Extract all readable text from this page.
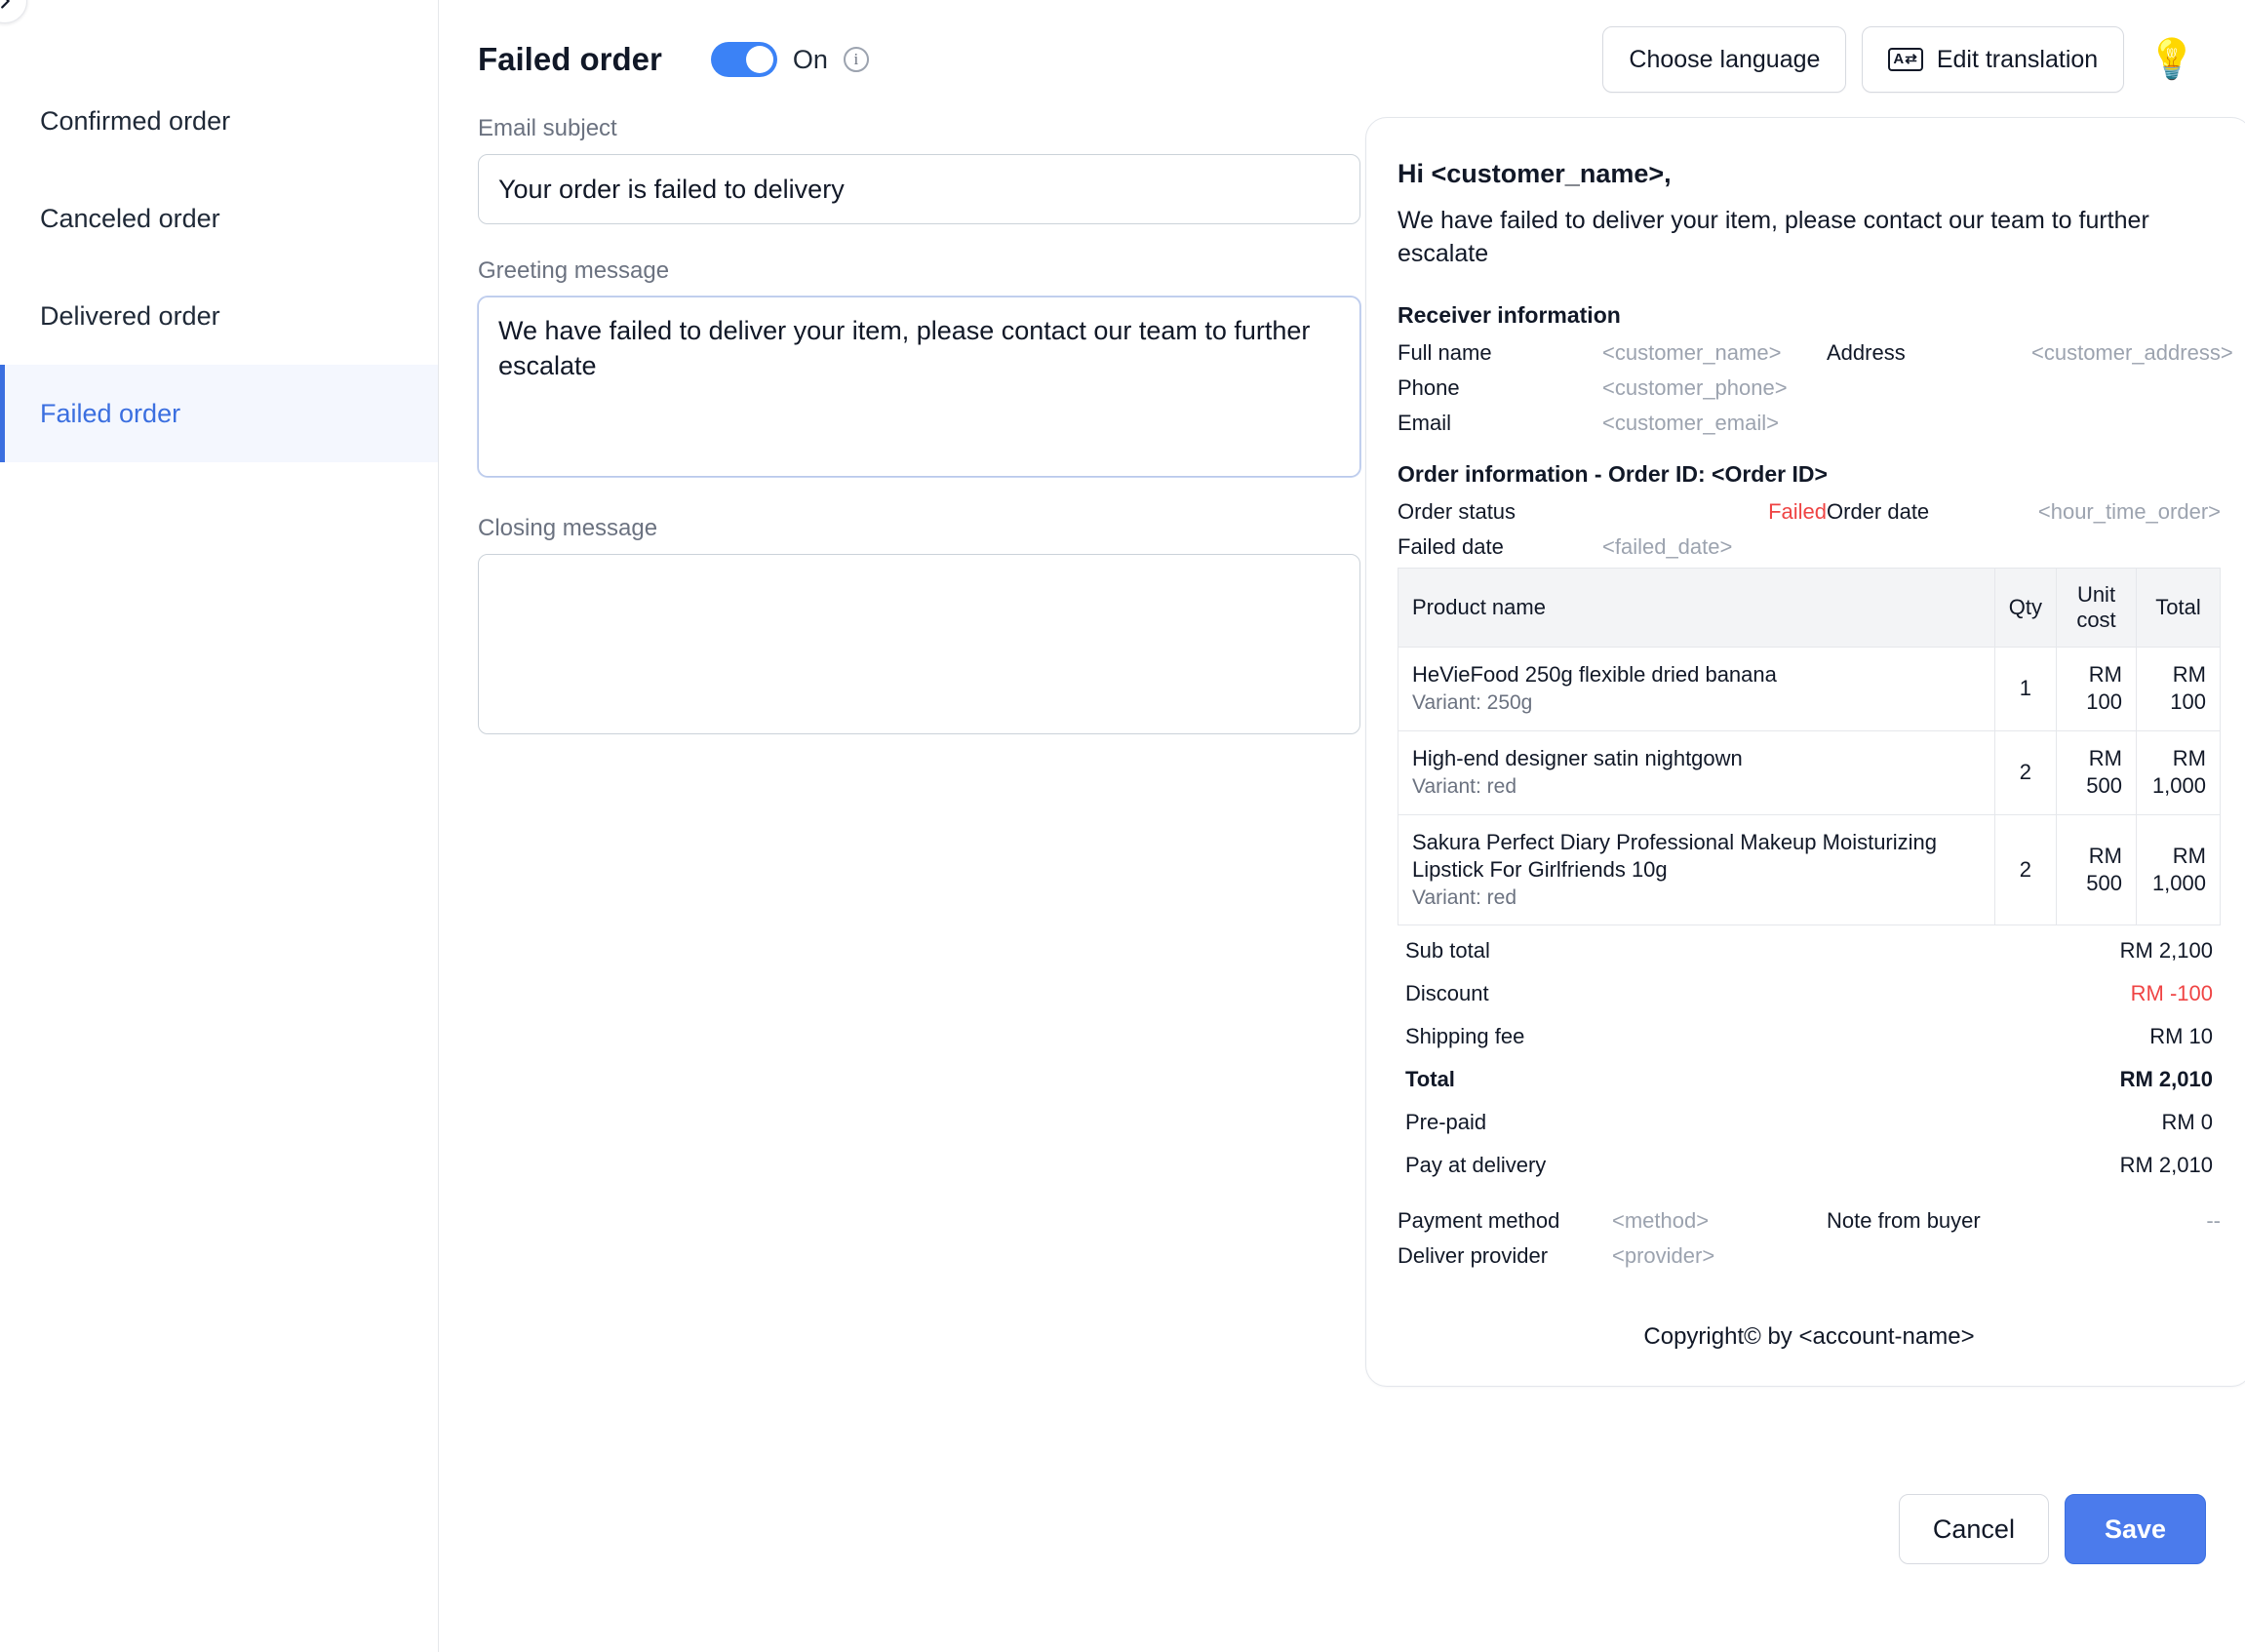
Confirmed order
Canceled order
Delivered order
Failed order
Failed order	On	i	Choose language	A⇄ Edit translation 💡
Email subject
Your order is failed to delivery
Greeting message
We have failed to deliver your item, please contact our team to further escalate
Closing message
Hi <customer_name>,
We have failed to deliver your item, please contact our team to further escalate
Receiver information
Full name	<customer_name>	Address	<customer_address>
Phone	<customer_phone>
Email	<customer_email>
Order information - Order ID: <Order ID>
Order status	Failed Order date	<hour_time_order>
Failed date	<failed_date>
Product name	Qty	Unit cost	Total

HeVieFood 250g flexible dried banana
Variant: 250g	1	RM 100	RM 100

High-end designer satin nightgown
Variant: red	2	RM 500	RM 1,000

Sakura Perfect Diary Professional Makeup Moisturizing Lipstick For Girlfriends 10g
Variant: red	2	RM 500	RM 1,000
Sub total	RM 2,100
Discount	RM -100
Shipping fee	RM 10
Total	RM 2,010
Pre-paid	RM 0
Pay at delivery	RM 2,010
Payment method	<method>	Note from buyer	--
Deliver provider	<provider>
Copyright© by <account-name>
Cancel	Save
